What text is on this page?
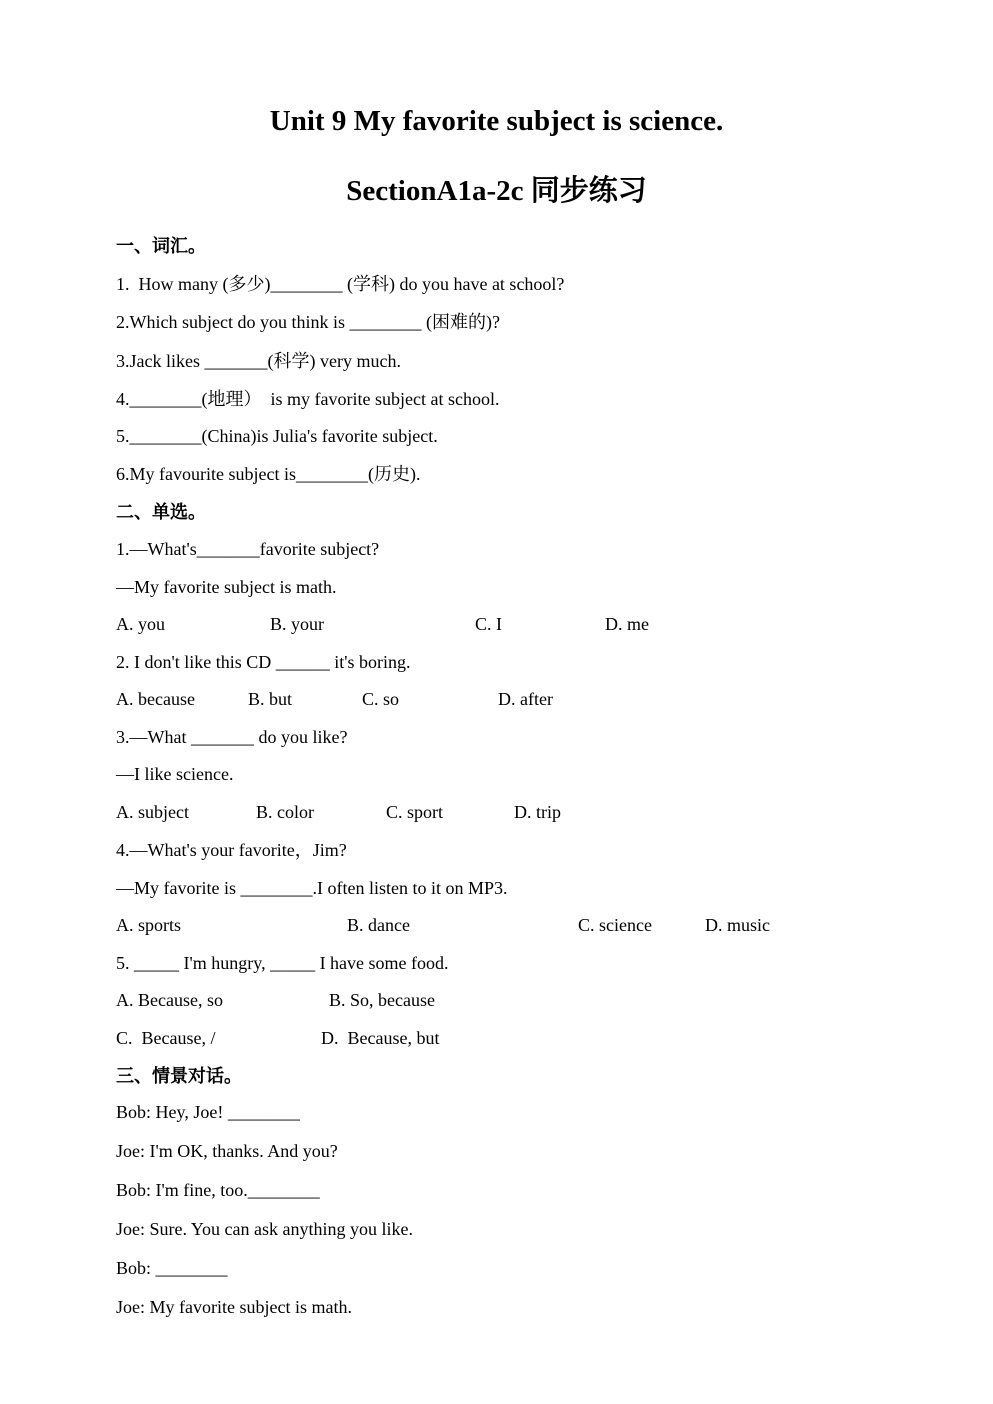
Unit 9 My favorite subject is science.
SectionA1a-2c 同步练习
一、词汇。
1.  How many (多少)________ (学科) do you have at school?
2.Which subject do you think is ________ (困难的)?
3.Jack likes _______(科学) very much.
4.________(地理）  is my favorite subject at school.
5.________(China)is Julia's favorite subject.
6.My favourite subject is________(历史).
二、单选。
1.—What's_______favorite subject?
—My favorite subject is math.
A. you	B. your	C. I	D. me
2. I don't like this CD ______ it's boring.
A. because	B. but	C. so	D. after
3.—What _______ do you like?
—I like science.
A. subject	B. color	C. sport	D. trip
4.—What's your favorite，Jim?
—My favorite is ________.I often listen to it on MP3.
A. sports	B. dance	C. science	D. music
5. _____ I'm hungry, _____ I have some food.
A. Because, so	B. So, because
C.  Because, /	D.  Because, but
三、情景对话。
Bob: Hey, Joe! ________
Joe: I'm OK, thanks. And you?
Bob: I'm fine, too.________
Joe: Sure. You can ask anything you like.
Bob: ________
Joe: My favorite subject is math.
